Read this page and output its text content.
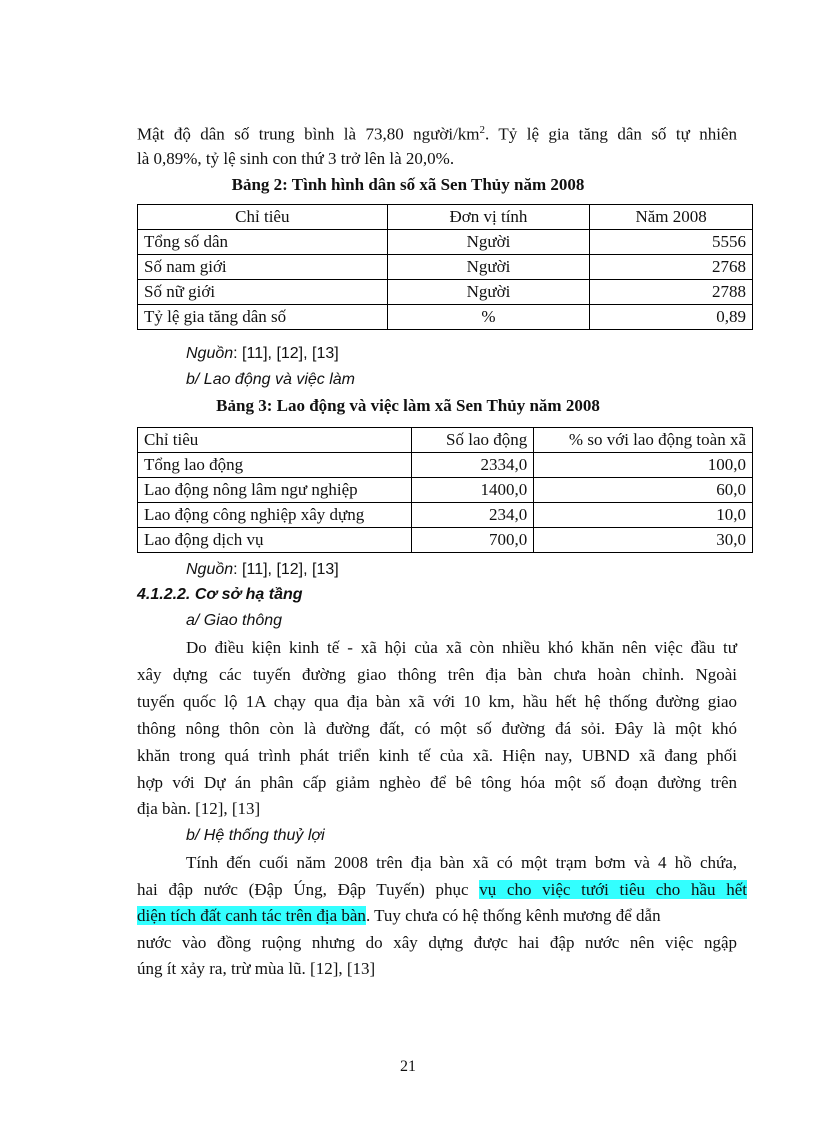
Mật độ dân số trung bình là 73,80 người/$km^2$. Tỷ lệ gia tăng dân số tự nhiên
là 0,89%, tỷ lệ sinh con thứ 3 trở lên là 20,0%.
Bảng 2: Tình hình dân số xã Sen Thủy năm 2008
Chỉ tiêu	Đơn vị tính	Năm 2008
Tổng số dân	Người	5556
Số nam giới	Người	2768
Số nữ giới	Người	2788
Tỷ lệ gia tăng dân số	%	0,89
Nguồn: [11], [12], [13]
b/ Lao động và việc làm
Bảng 3: Lao động và việc làm xã Sen Thủy năm 2008
Chỉ tiêu	Số lao động	% so với lao động toàn xã
Tổng lao động	2334,0	100,0
Lao động nông lâm ngư nghiệp	1400,0	60,0
Lao động công nghiệp xây dựng	234,0	10,0
Lao động dịch vụ	700,0	30,0
Nguồn: [11], [12], [13]
4.1.2.2. Cơ sở hạ tầng
a/ Giao thông
Do điều kiện kinh tế - xã hội của xã còn nhiều khó khăn nên việc đầu tư
xây dựng các tuyến đường giao thông trên địa bàn chưa hoàn chỉnh. Ngoài
tuyến quốc lộ 1A chạy qua địa bàn xã với 10 km, hầu hết hệ thống đường giao
thông nông thôn còn là đường đất, có một số đường đá sỏi. Đây là một khó
khăn trong quá trình phát triển kinh tế của xã. Hiện nay, UBND xã đang phối
hợp với Dự án phân cấp giảm nghèo để bê tông hóa một số đoạn đường trên
địa bàn. [12], [13]
b/ Hệ thống thuỷ lợi
Tính đến cuối năm 2008 trên địa bàn xã có một trạm bơm và 4 hồ chứa,
hai đập nước (Đập Úng, Đập Tuyến) phục vụ cho việc tưới tiêu cho hầu hết
diện tích đất canh tác trên địa bàn. Tuy chưa có hệ thống kênh mương để dẫn
nước vào đồng ruộng nhưng do xây dựng được hai đập nước nên việc ngập
úng ít xảy ra, trừ mùa lũ. [12], [13]
21
